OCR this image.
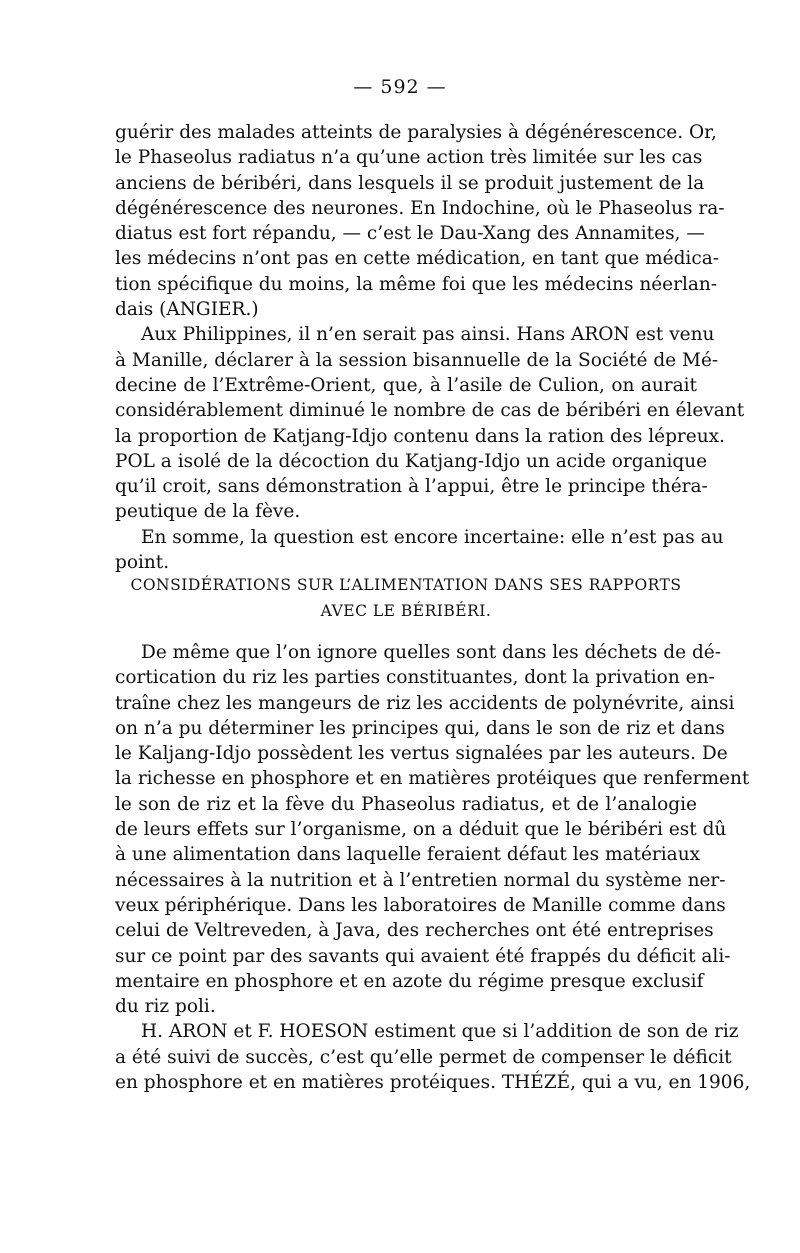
— 592 —
guérir des malades atteints de paralysies à dégénérescence. Or,
le Phaseolus radiatus n’a qu’une action très limitée sur les cas
anciens de béribéri, dans lesquels il se produit justement de la
dégénérescence des neurones. En Indochine, où le Phaseolus ra-
diatus est fort répandu, — c’est le Dau-Xang des Annamites, —
les médecins n’ont pas en cette médication, en tant que médica-
tion spécifique du moins, la même foi que les médecins néerlan-
dais (ANGIER.)
Aux Philippines, il n’en serait pas ainsi. Hans ARON est venu
à Manille, déclarer à la session bisannuelle de la Société de Mé-
decine de l’Extrême-Orient, que, à l’asile de Culion, on aurait
considérablement diminué le nombre de cas de béribéri en élevant
la proportion de Katjang-Idjo contenu dans la ration des lépreux.
POL a isolé de la décoction du Katjang-Idjo un acide organique
qu’il croit, sans démonstration à l’appui, être le principe théra-
peutique de la fève.
En somme, la question est encore incertaine: elle n’est pas au
point.
CONSIDÉRATIONS SUR L’ALIMENTATION DANS SES RAPPORTS
AVEC LE BÉRIBÉRI.
De même que l’on ignore quelles sont dans les déchets de dé-
cortication du riz les parties constituantes, dont la privation en-
traîne chez les mangeurs de riz les accidents de polynévrite, ainsi
on n’a pu déterminer les principes qui, dans le son de riz et dans
le Kaljang-Idjo possèdent les vertus signalées par les auteurs. De
la richesse en phosphore et en matières protéiques que renferment
le son de riz et la fève du Phaseolus radiatus, et de l’analogie
de leurs effets sur l’organisme, on a déduit que le béribéri est dû
à une alimentation dans laquelle feraient défaut les matériaux
nécessaires à la nutrition et à l’entretien normal du système ner-
veux périphérique. Dans les laboratoires de Manille comme dans
celui de Veltreveden, à Java, des recherches ont été entreprises
sur ce point par des savants qui avaient été frappés du déficit ali-
mentaire en phosphore et en azote du régime presque exclusif
du riz poli.
H. ARON et F. HOESON estiment que si l’addition de son de riz
a été suivi de succès, c’est qu’elle permet de compenser le déficit
en phosphore et en matières protéiques. THÉZÉ, qui a vu, en 1906,
